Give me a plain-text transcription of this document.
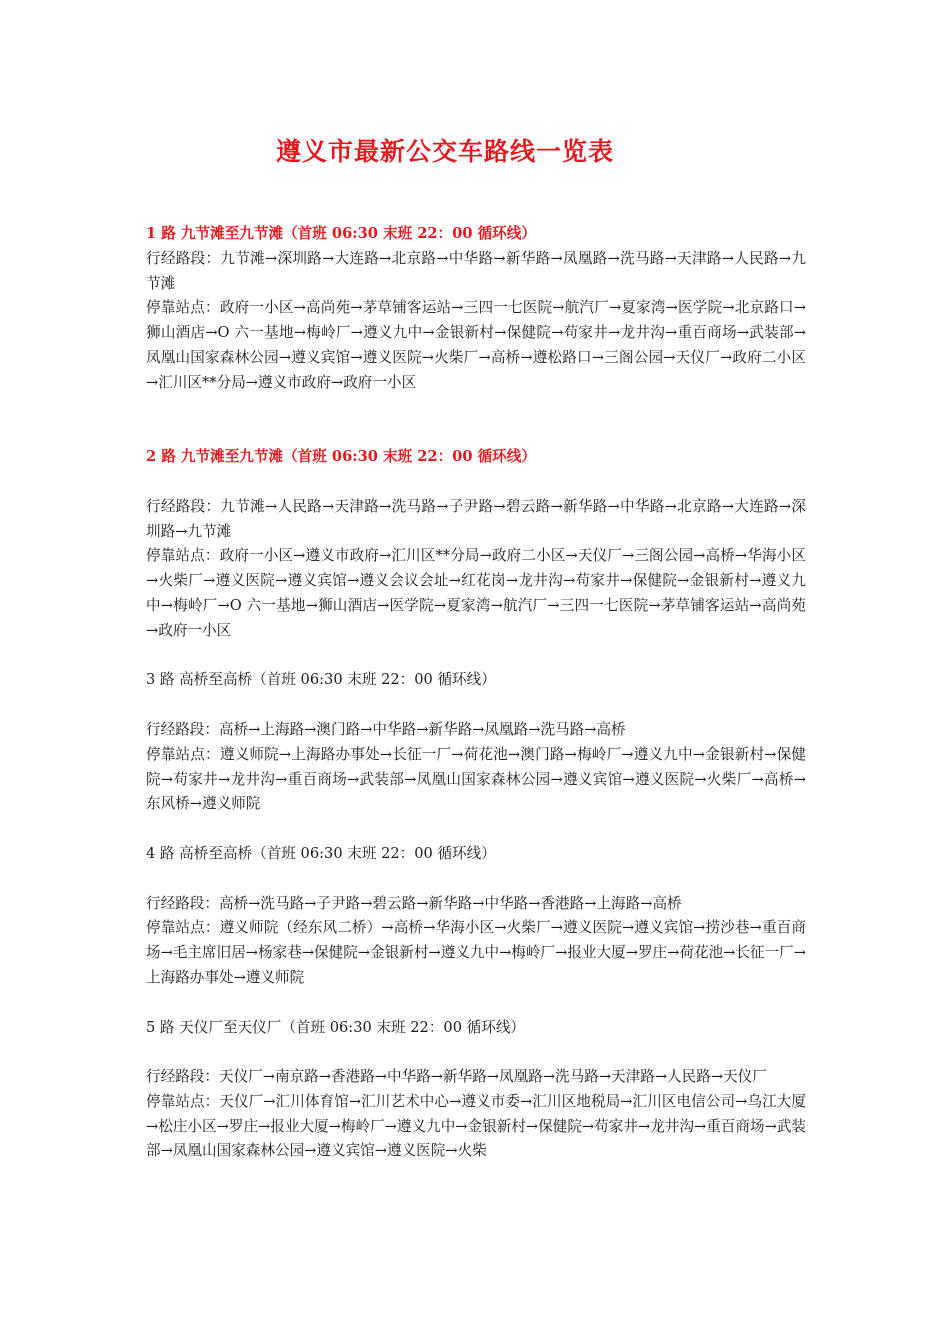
遵义市最新公交车路线一览表

1 路 九节滩至九节滩（首班 06:30 末班 22：00 循环线）

行经路段：九节滩→深圳路→大连路→北京路→中华路→新华路→凤凰路→洗马路→天津路→人民路→九节滩

停靠站点：政府一小区→高尚苑→茅草铺客运站→三四一七医院→航汽厂→夏家湾→医学院→北京路口→狮山酒店→O 六一基地→梅岭厂→遵义九中→金银新村→保健院→苟家井→龙井沟→重百商场→武装部→凤凰山国家森林公园→遵义宾馆→遵义医院→火柴厂→高桥→遵松路口→三阁公园→天仪厂→政府二小区→汇川区**分局→遵义市政府→政府一小区

2 路 九节滩至九节滩（首班 06:30 末班 22：00 循环线）

行经路段：九节滩→人民路→天津路→洗马路→子尹路→碧云路→新华路→中华路→北京路→大连路→深圳路→九节滩

停靠站点：政府一小区→遵义市政府→汇川区**分局→政府二小区→天仪厂→三阁公园→高桥→华海小区→火柴厂→遵义医院→遵义宾馆→遵义会议会址→红花岗→龙井沟→苟家井→保健院→金银新村→遵义九中→梅岭厂→O 六一基地→狮山酒店→医学院→夏家湾→航汽厂→三四一七医院→茅草铺客运站→高尚苑→政府一小区

3 路 高桥至高桥（首班 06:30 末班 22：00 循环线）

行经路段：高桥→上海路→澳门路→中华路→新华路→凤凰路→洗马路→高桥

停靠站点：遵义师院→上海路办事处→长征一厂→荷花池→澳门路→梅岭厂→遵义九中→金银新村→保健院→苟家井→龙井沟→重百商场→武装部→凤凰山国家森林公园→遵义宾馆→遵义医院→火柴厂→高桥→东风桥→遵义师院

4 路 高桥至高桥（首班 06:30 末班 22：00 循环线）

行经路段：高桥→洗马路→子尹路→碧云路→新华路→中华路→香港路→上海路→高桥

停靠站点：遵义师院（经东风二桥）→高桥→华海小区→火柴厂→遵义医院→遵义宾馆→捞沙巷→重百商场→毛主席旧居→杨家巷→保健院→金银新村→遵义九中→梅岭厂→报业大厦→罗庄→荷花池→长征一厂→上海路办事处→遵义师院

5 路 天仪厂至天仪厂（首班 06:30 末班 22：00 循环线）

行经路段：天仪厂→南京路→香港路→中华路→新华路→凤凰路→洗马路→天津路→人民路→天仪厂

停靠站点：天仪厂→汇川体育馆→汇川艺术中心→遵义市委→汇川区地税局→汇川区电信公司→乌江大厦→松庄小区→罗庄→报业大厦→梅岭厂→遵义九中→金银新村→保健院→苟家井→龙井沟→重百商场→武装部→凤凰山国家森林公园→遵义宾馆→遵义医院→火柴
